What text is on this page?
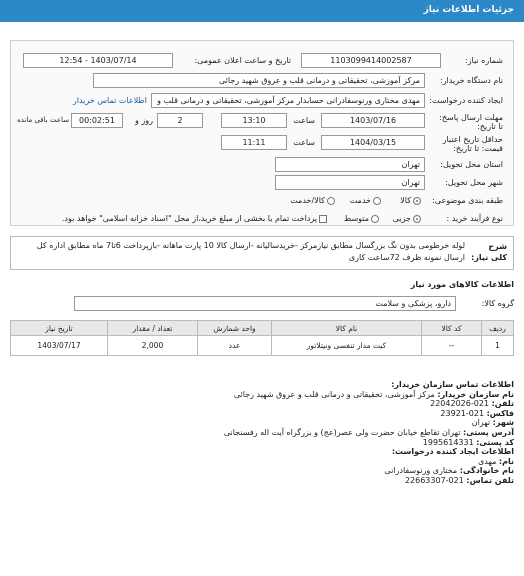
جزئیات اطلاعات نیاز
شماره نیاز:
1103099414002587
تاریخ و ساعت اعلان عمومی:
1403/07/14 - 12:54
نام دستگاه خریدار:
مرکز آموزشی، تحقیقاتی و درمانی قلب و عروق شهید رجائی
ایجاد کننده درخواست:
مهدی مختاری ورنوسفادرانی حسابدار مرکز آموزشی، تحقیقاتی و درمانی قلب و
اطلاعات تماس خریدار
مهلت ارسال پاسخ: تا تاریخ:
1403/07/16
ساعت
13:10
2
روز و
00:02:51
ساعت باقی مانده
حداقل تاریخ اعتبار قیمت: تا تاریخ:
1404/03/15
ساعت
11:11
استان محل تحویل:
تهران
شهر محل تحویل:
تهران
طبقه بندی موضوعی:
کالا
خدمت
کالا/خدمت
نوع فرآیند خرید :
جزیی
متوسط
پرداخت تمام یا بخشی از مبلغ خرید،از محل "اسناد خزانه اسلامی" خواهد بود.
شرح کلی نیاز:
لوله خرطومی بدون نگ بزرگسال مطابق نیازمرکز -خریدسالیانه -ارسال کالا 10 پارت ماهانه -بازپرداخت 6تا7 ماه مطابق اداره کل ارسال نمونه ظرف 72ساعت کاری
اطلاعات کالاهای مورد نیاز
گروه کالا:
دارو، پزشکی و سلامت
ردیف	کد کالا	نام کالا	واحد شمارش	تعداد / مقدار	تاریخ نیاز
1	--	کیت مدار تنفسی ونیتلاتور	عدد	2,000	1403/07/17
اطلاعات تماس سازمان خریدار:
نام سازمان خریدار: مرکز آموزشی، تحقیقاتی و درمانی قلب و عروق شهید رجائی
تلفن: 021-22042026
فاکس: 021-23921
شهر: تهران
آدرس پستی: تهران تقاطع خیابان حضرت ولی عصر(عج) و بزرگراه آیت اله رفسنجانی
کد پستی: 1995614331
اطلاعات ایجاد کننده درخواست:
نام: مهدی
نام خانوادگی: مختاری ورنوسفادرانی
تلفن تماس: 021-22663307
